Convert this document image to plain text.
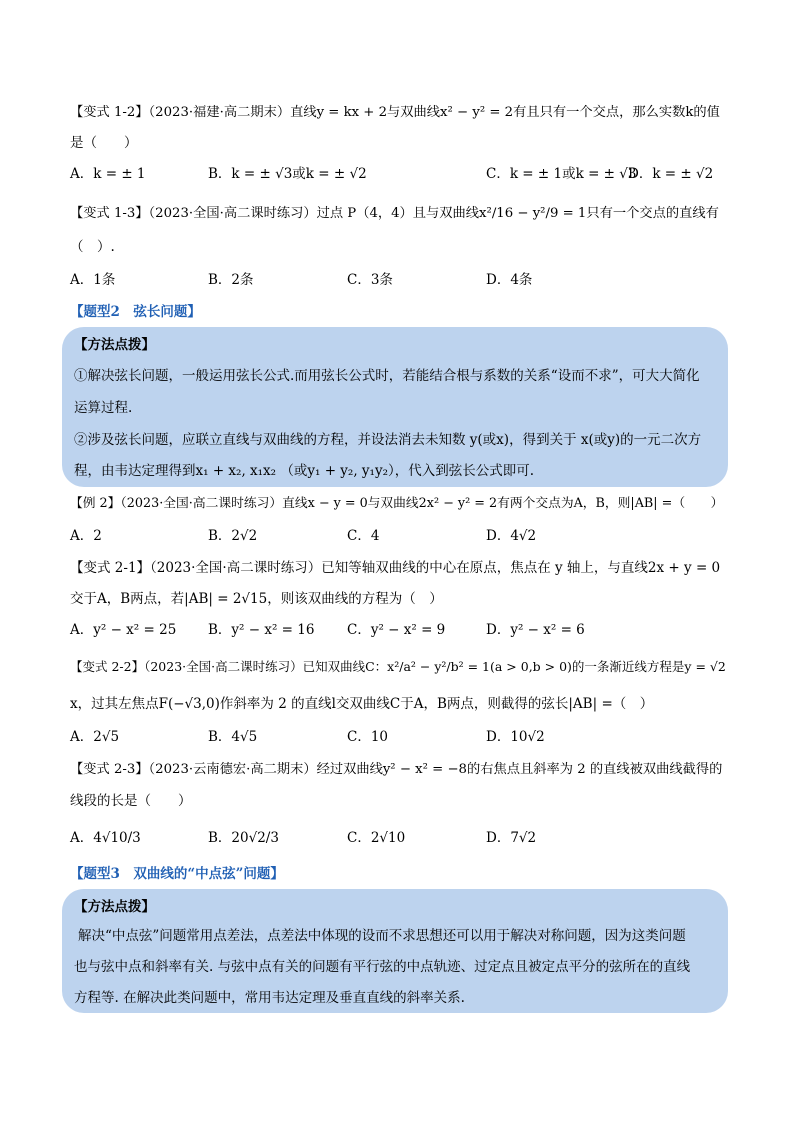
【变式 1-2】（2023·福建·高二期末）直线y = kx + 2与双曲线x² − y² = 2有且只有一个交点，那么实数k的值
是（　　）
A．k = ± 1	B．k = ± √3或k = ± √2	C．k = ± 1或k = ± √3
D．k = ± √2
【变式 1-3】（2023·全国·高二课时练习）过点 P（4，4）且与双曲线x²/16 − y²/9 = 1只有一个交点的直线有
（　）.
A．1条	B．2条	C．3条	D．4条
【题型2　弦长问题】
【方法点拨】
①解决弦长问题，一般运用弦长公式.而用弦长公式时，若能结合根与系数的关系“设而不求”，可大大简化
运算过程.
②涉及弦长问题，应联立直线与双曲线的方程，并设法消去未知数 y(或x)，得到关于 x(或y)的一元二次方
程，由韦达定理得到x₁ + x₂, x₁x₂ （或y₁ + y₂, y₁y₂），代入到弦长公式即可.
【例 2】（2023·全国·高二课时练习）直线x − y = 0与双曲线2x² − y² = 2有两个交点为A，B，则|AB| =（　　）
A．2	B．2√2	C．4	D．4√2
【变式 2-1】（2023·全国·高二课时练习）已知等轴双曲线的中心在原点，焦点在 y 轴上，与直线2x + y = 0
交于A，B两点，若|AB| = 2√15，则该双曲线的方程为（　）
A．y² − x² = 25 B．y² − x² = 16 C．y² − x² = 9	D．y² − x² = 6
【变式 2-2】（2023·全国·高二课时练习）已知双曲线C：x²/a² − y²/b² = 1(a > 0,b > 0)的一条渐近线方程是y = √2
x，过其左焦点F(−√3,0)作斜率为 2 的直线l交双曲线C于A，B两点，则截得的弦长|AB| =（　）
A．2√5	B．4√5	C．10	D．10√2
【变式 2-3】（2023·云南德宏·高二期末）经过双曲线y² − x² = −8的右焦点且斜率为 2 的直线被双曲线截得的
线段的长是（　　）
A．4√10/3	B．20√2/3	C．2√10	D．7√2
【题型3　双曲线的“中点弦”问题】
【方法点拨】
解决“中点弦”问题常用点差法，点差法中体现的设而不求思想还可以用于解决对称问题，因为这类问题
也与弦中点和斜率有关. 与弦中点有关的问题有平行弦的中点轨迹、过定点且被定点平分的弦所在的直线
方程等. 在解决此类问题中，常用韦达定理及垂直直线的斜率关系.
